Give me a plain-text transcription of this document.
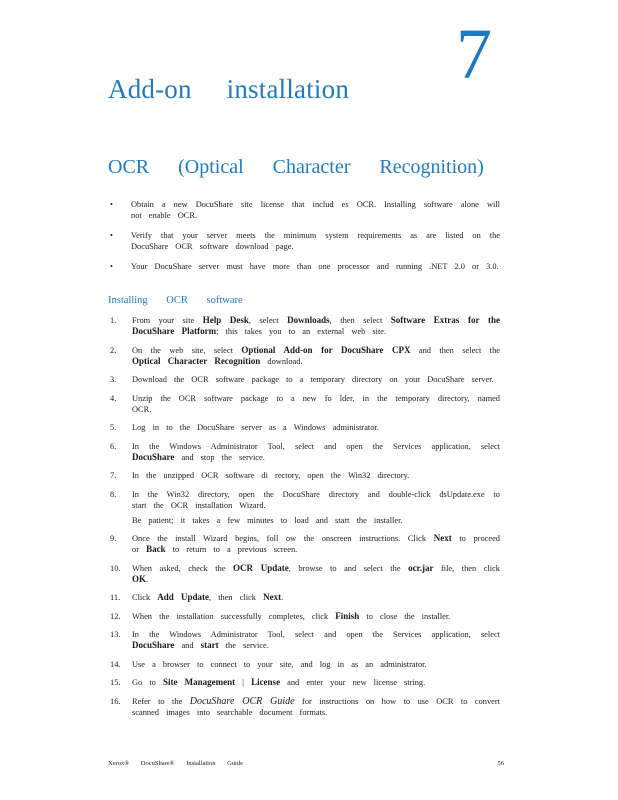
7
Add-on installation
OCR (Optical Character Recognition)
• Obtain a new DocuShare site license that includ es OCR. Installing software alone will not enable OCR.
• Verify that your server meets the minimum system requirements as are listed on the DocuShare OCR software download page.
• Your DocuShare server must have more than one processor and running .NET 2.0 or 3.0.
Installing OCR software
1. From your site Help Desk, select Downloads, then select Software Extras for the DocuShare Platform; this takes you to an external web site.
2. On the web site, select Optional Add-on for DocuShare CPX and then select the Optical Character Recognition download.
3. Download the OCR software package to a temporary directory on your DocuShare server.
4. Unzip the OCR software package to a new fo lder, in the temporary directory, named OCR.
5. Log in to the DocuShare server as a Windows administrator.
6. In the Windows Administrator Tool, select and open the Services application, select DocuShare and stop the service.
7. In the unzipped OCR software di rectory, open the Win32 directory.
8. In the Win32 directory, open the DocuShare directory and double-click dsUpdate.exe to start the OCR installation Wizard.
Be patient; it takes a few minutes to load and start the installer.
9. Once the install Wizard begins, foll ow the onscreen instructions. Click Next to proceed or Back to return to a previous screen.
10. When asked, check the OCR Update, browse to and select the ocr.jar file, then click OK.
11. Click Add Update, then click Next.
12. When the installation successfully completes, click Finish to close the installer.
13. In the Windows Administrator Tool, select and open the Services application, select DocuShare and start the service.
14. Use a browser to connect to your site, and log in as an administrator.
15. Go to Site Management | License and enter your new license string.
16. Refer to the DocuShare OCR Guide for instructions on how to use OCR to convert scanned images into searchable document formats.
Xerox® DocuShare® Installation Guide	56
